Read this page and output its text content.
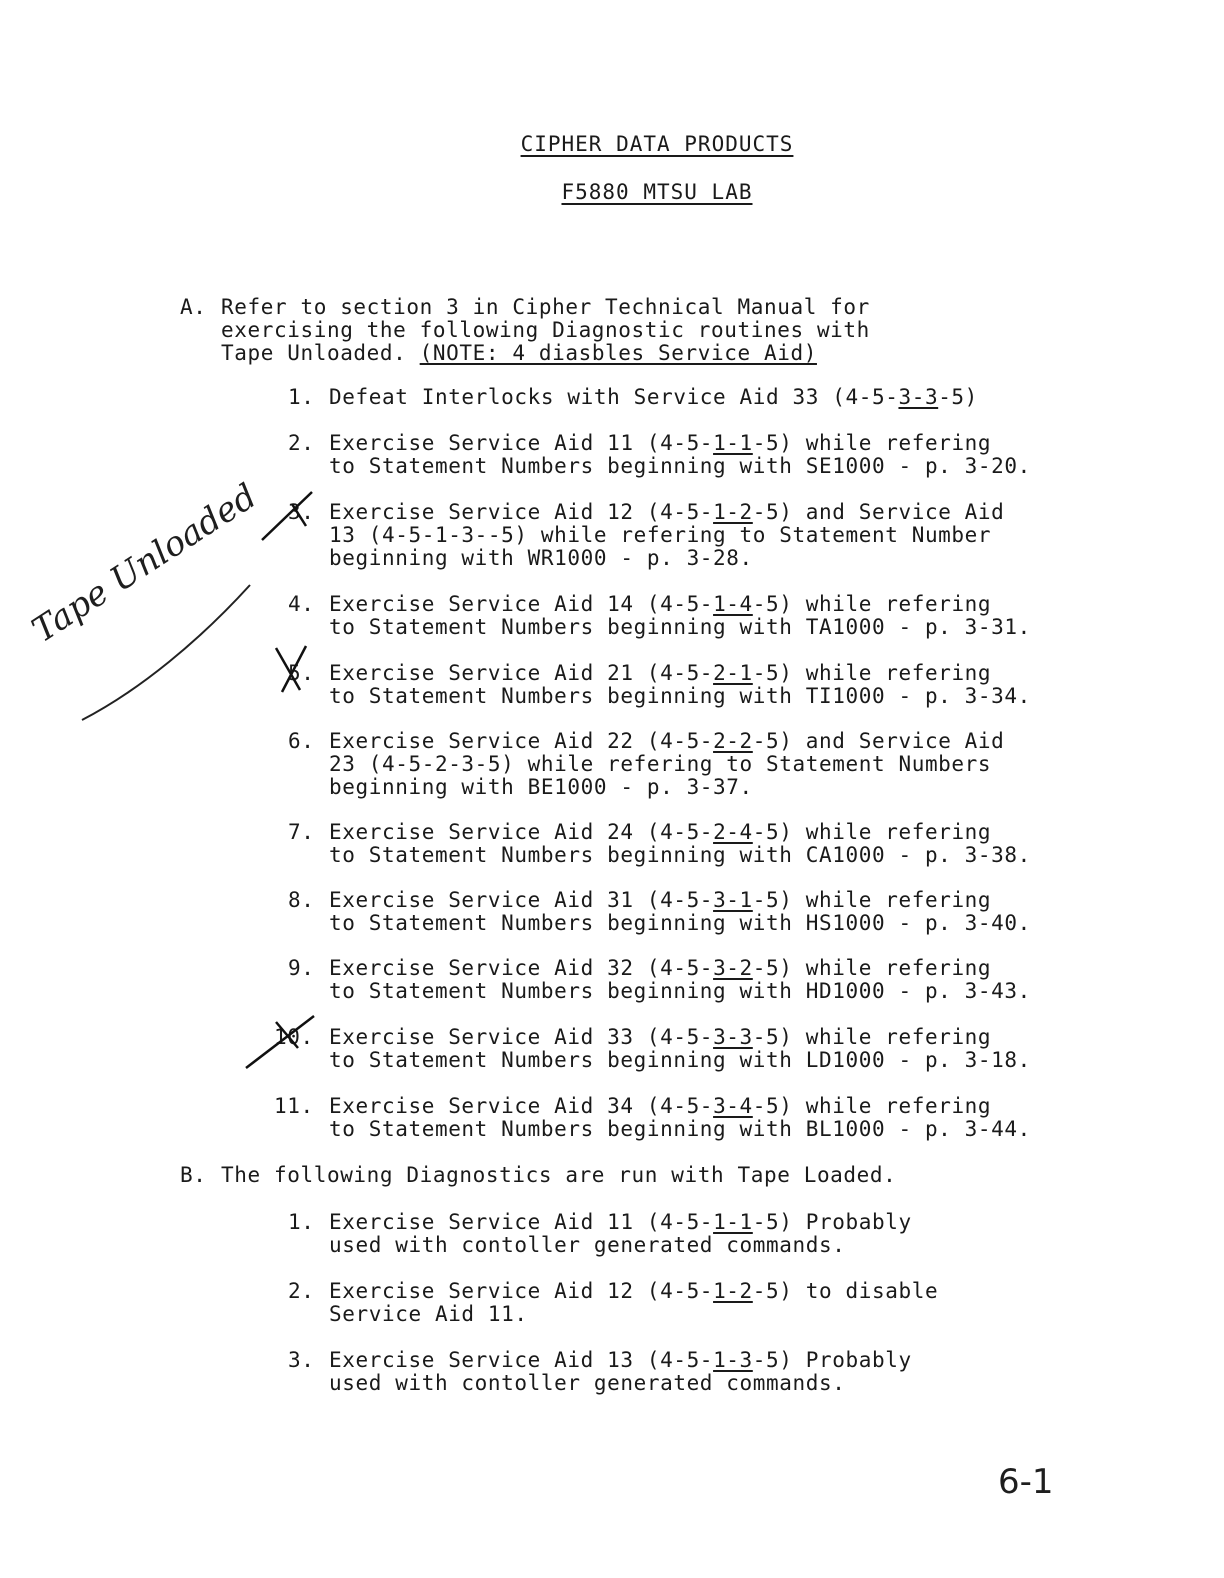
CIPHER DATA PRODUCTS
F5880 MTSU LAB
A. Refer to section 3 in Cipher Technical Manual for
exercising the following Diagnostic routines with
Tape Unloaded. (NOTE: 4 diasbles Service Aid)
1. Defeat Interlocks with Service Aid 33 (4-5-3-3-5)
2. Exercise Service Aid 11 (4-5-1-1-5) while refering
to Statement Numbers beginning with SE1000 - p. 3-20.
3. Exercise Service Aid 12 (4-5-1-2-5) and Service Aid
13 (4-5-1-3--5) while refering to Statement Number
beginning with WR1000 - p. 3-28.
4. Exercise Service Aid 14 (4-5-1-4-5) while refering
to Statement Numbers beginning with TA1000 - p. 3-31.
5. Exercise Service Aid 21 (4-5-2-1-5) while refering
to Statement Numbers beginning with TI1000 - p. 3-34.
6. Exercise Service Aid 22 (4-5-2-2-5) and Service Aid
23 (4-5-2-3-5) while refering to Statement Numbers
beginning with BE1000 - p. 3-37.
7. Exercise Service Aid 24 (4-5-2-4-5) while refering
to Statement Numbers beginning with CA1000 - p. 3-38.
8. Exercise Service Aid 31 (4-5-3-1-5) while refering
to Statement Numbers beginning with HS1000 - p. 3-40.
9. Exercise Service Aid 32 (4-5-3-2-5) while refering
to Statement Numbers beginning with HD1000 - p. 3-43.
10. Exercise Service Aid 33 (4-5-3-3-5) while refering
to Statement Numbers beginning with LD1000 - p. 3-18.
11. Exercise Service Aid 34 (4-5-3-4-5) while refering
to Statement Numbers beginning with BL1000 - p. 3-44.
B. The following Diagnostics are run with Tape Loaded.
1. Exercise Service Aid 11 (4-5-1-1-5) Probably
used with contoller generated commands.
2. Exercise Service Aid 12 (4-5-1-2-5) to disable
Service Aid 11.
3. Exercise Service Aid 13 (4-5-1-3-5) Probably
used with contoller generated commands.
Tape Unloaded
6-1
